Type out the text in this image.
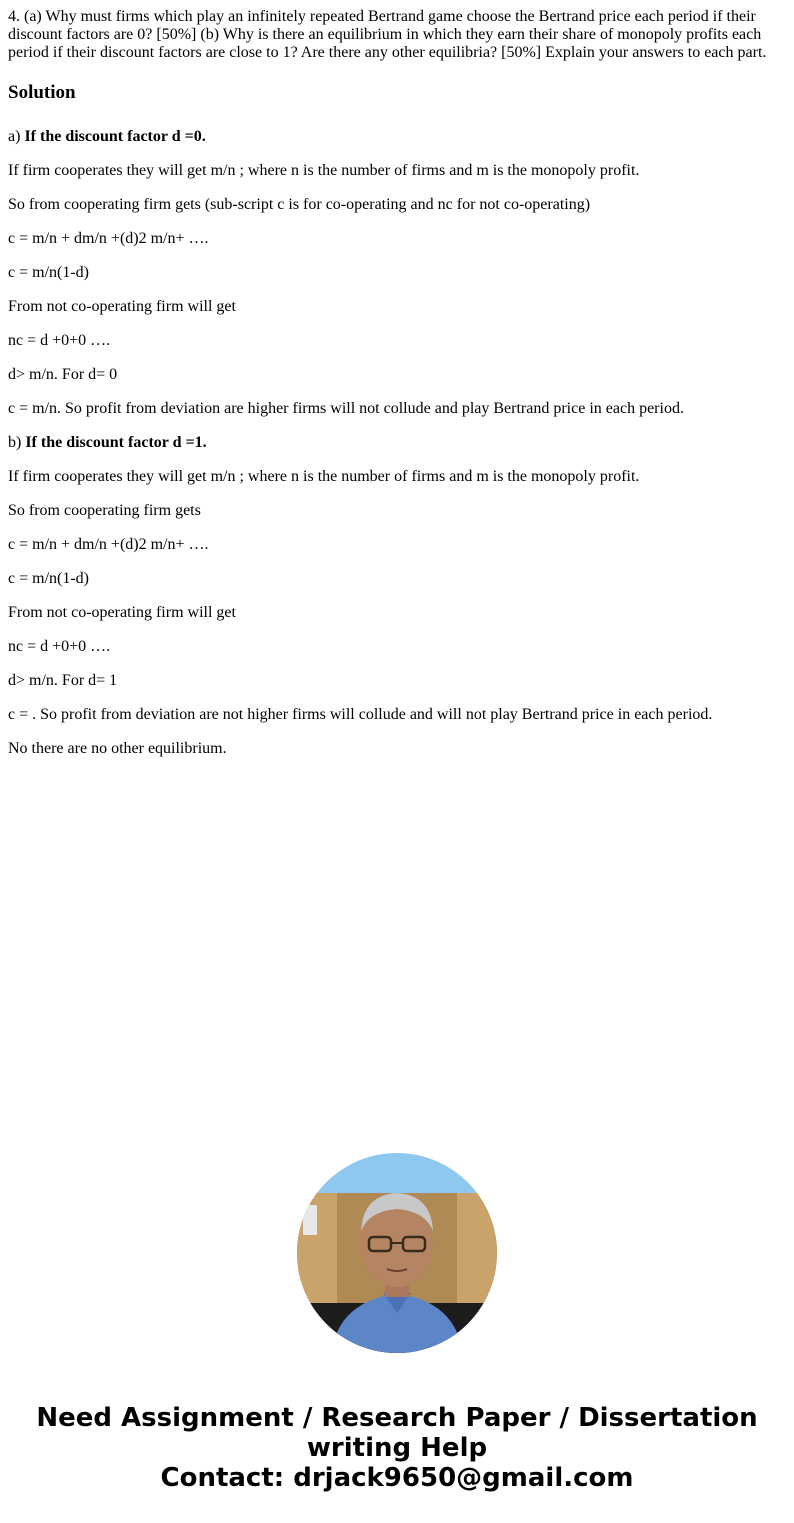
4. (a) Why must firms which play an infinitely repeated Bertrand game choose the Bertrand price each period if their discount factors are 0? [50%] (b) Why is there an equilibrium in which they earn their share of monopoly profits each period if their discount factors are close to 1? Are there any other equilibria? [50%] Explain your answers to each part.

Solution

a) If the discount factor d =0.

If firm cooperates they will get m/n ; where n is the number of firms and m is the monopoly profit.

So from cooperating firm gets (sub-script c is for co-operating and nc for not co-operating)

c = m/n + dm/n +(d)2 m/n+ ….

c = m/n(1-d)

From not co-operating firm will get

nc = d +0+0 ….

d> m/n. For d= 0

c = m/n. So profit from deviation are higher firms will not collude and play Bertrand price in each period.

b) If the discount factor d =1.

If firm cooperates they will get m/n ; where n is the number of firms and m is the monopoly profit.

So from cooperating firm gets

c = m/n + dm/n +(d)2 m/n+ ….

c = m/n(1-d)

From not co-operating firm will get

nc = d +0+0 ….

d> m/n. For d= 1

c = . So profit from deviation are not higher firms will collude and will not play Bertrand price in each period.

No there are no other equilibrium.

Need Assignment / Research Paper / Dissertation
writing Help
Contact: drjack9650@gmail.com
